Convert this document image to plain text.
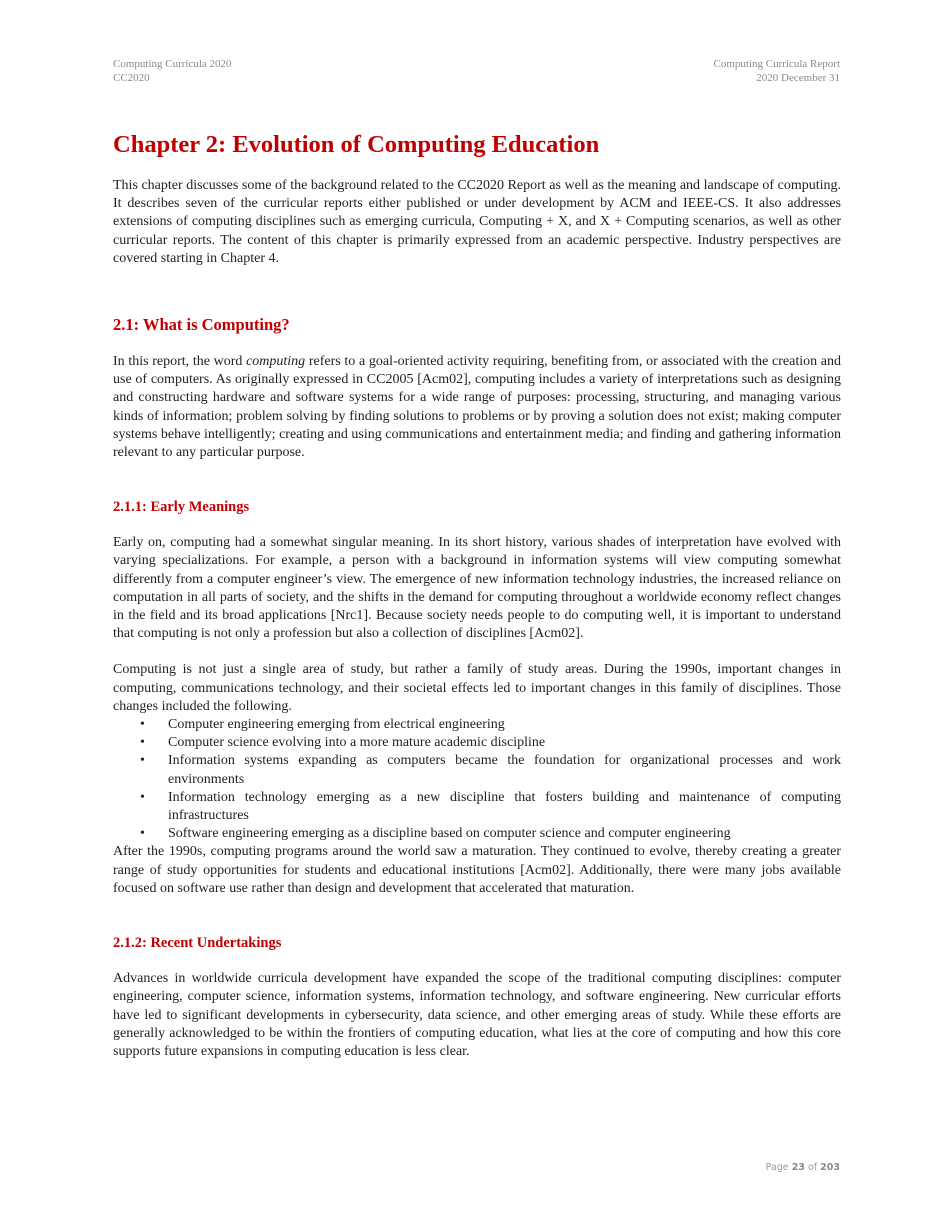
Computing Curricula 2020
CC2020
Computing Curricula Report
2020 December 31
Chapter 2: Evolution of Computing Education

This chapter discusses some of the background related to the CC2020 Report as well as the meaning and landscape of computing. It describes seven of the curricular reports either published or under development by ACM and IEEE-CS. It also addresses extensions of computing disciplines such as emerging curricula, Computing + X, and X + Computing scenarios, as well as other curricular reports. The content of this chapter is primarily expressed from an academic perspective. Industry perspectives are covered starting in Chapter 4.

2.1: What is Computing?

In this report, the word computing refers to a goal-oriented activity requiring, benefiting from, or associated with the creation and use of computers. As originally expressed in CC2005 [Acm02], computing includes a variety of interpretations such as designing and constructing hardware and software systems for a wide range of purposes: processing, structuring, and managing various kinds of information; problem solving by finding solutions to problems or by proving a solution does not exist; making computer systems behave intelligently; creating and using communications and entertainment media; and finding and gathering information relevant to any particular purpose.

2.1.1: Early Meanings

Early on, computing had a somewhat singular meaning. In its short history, various shades of interpretation have evolved with varying specializations. For example, a person with a background in information systems will view computing somewhat differently from a computer engineer’s view. The emergence of new information technology industries, the increased reliance on computation in all parts of society, and the shifts in the demand for computing throughout a worldwide economy reflect changes in the field and its broad applications [Nrc1]. Because society needs people to do computing well, it is important to understand that computing is not only a profession but also a collection of disciplines [Acm02].

Computing is not just a single area of study, but rather a family of study areas. During the 1990s, important changes in computing, communications technology, and their societal effects led to important changes in this family of disciplines. Those changes included the following.

• Computer engineering emerging from electrical engineering
• Computer science evolving into a more mature academic discipline
• Information systems expanding as computers became the foundation for organizational processes and work environments
• Information technology emerging as a new discipline that fosters building and maintenance of computing infrastructures
• Software engineering emerging as a discipline based on computer science and computer engineering

After the 1990s, computing programs around the world saw a maturation. They continued to evolve, thereby creating a greater range of study opportunities for students and educational institutions [Acm02]. Additionally, there were many jobs available focused on software use rather than design and development that accelerated that maturation.

2.1.2: Recent Undertakings

Advances in worldwide curricula development have expanded the scope of the traditional computing disciplines: computer engineering, computer science, information systems, information technology, and software engineering. New curricular efforts have led to significant developments in cybersecurity, data science, and other emerging areas of study. While these efforts are generally acknowledged to be within the frontiers of computing education, what lies at the core of computing and how this core supports future expansions in computing education is less clear.

Page 23 of 203
